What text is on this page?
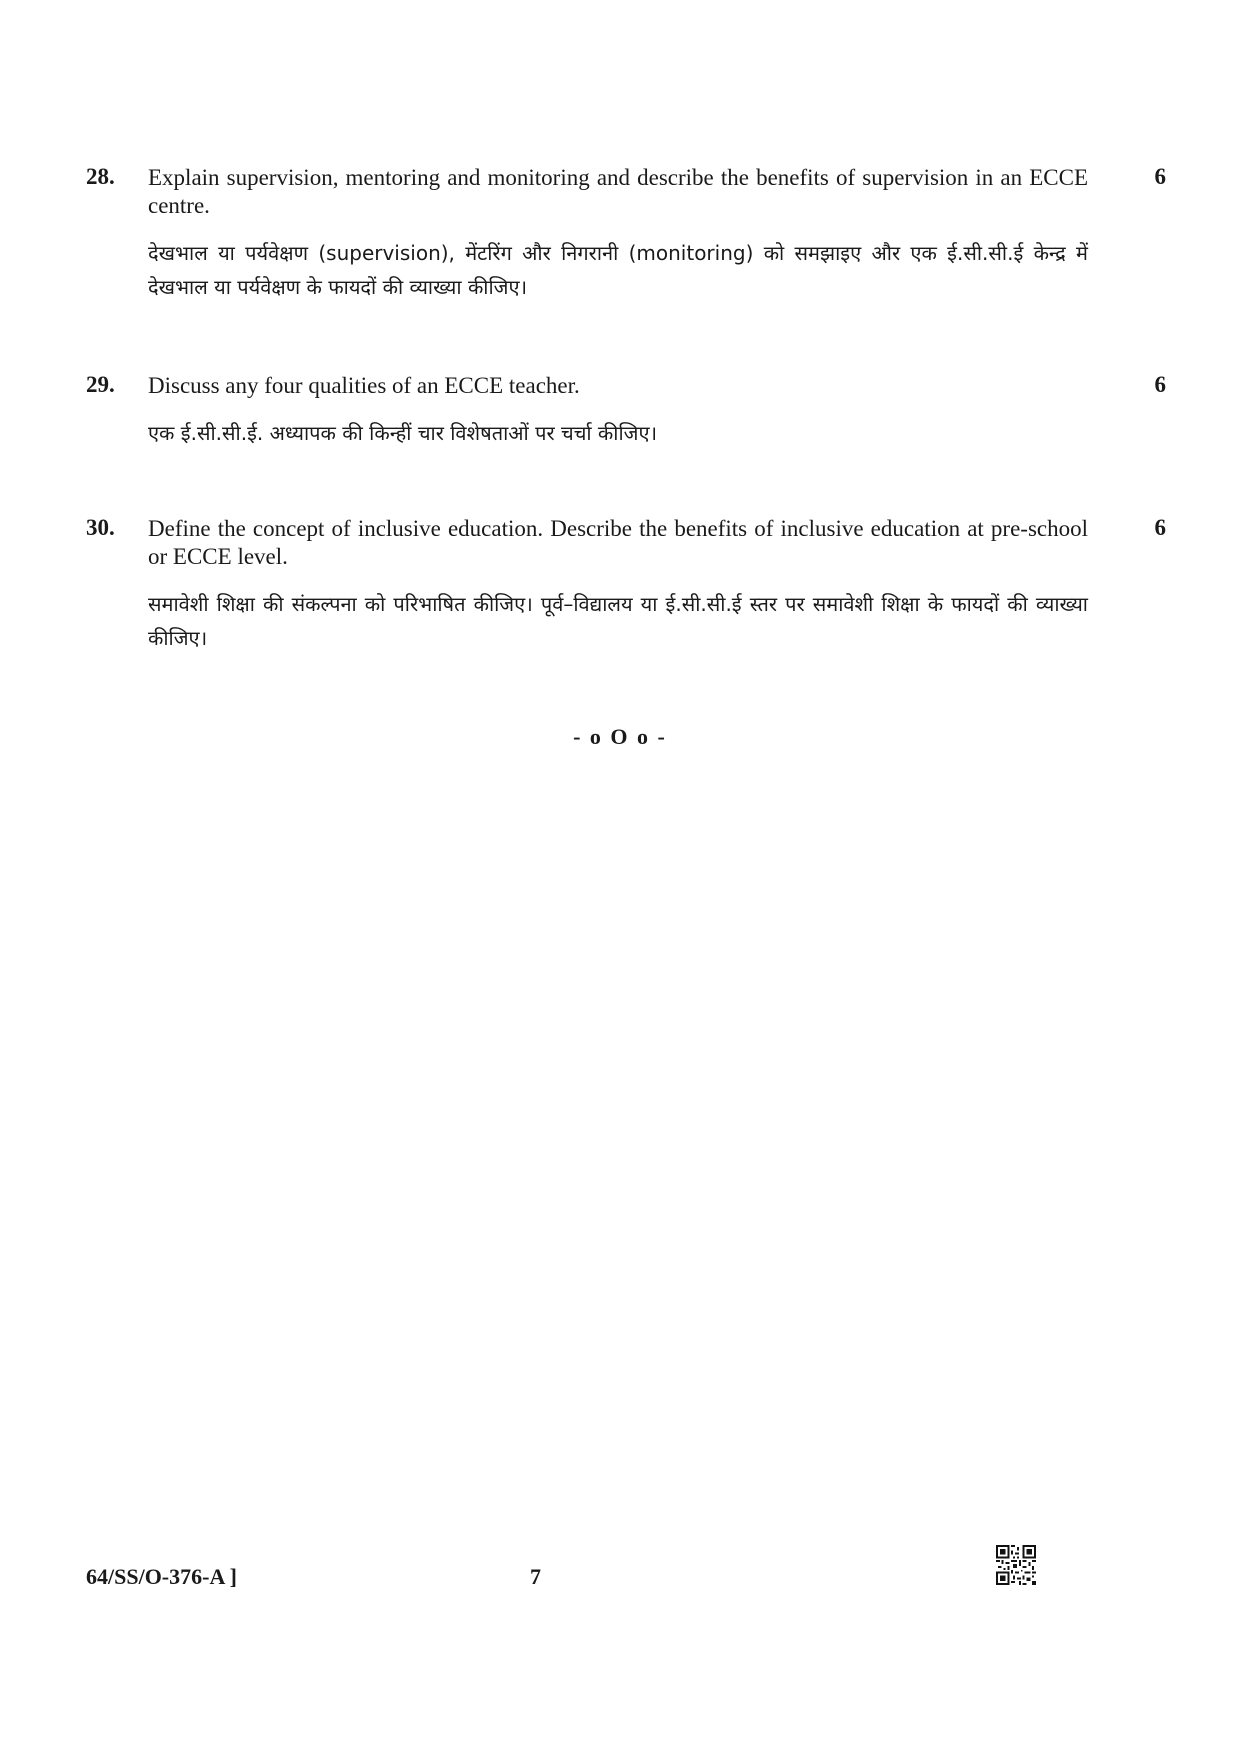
28. Explain supervision, mentoring and monitoring and describe the benefits of supervision in an ECCE centre.
6
देखभाल या पर्यवेक्षण (supervision), मेंटरिंग और निगरानी (monitoring) को समझाइए और एक ई.सी.सी.ई केन्द्र में देखभाल या पर्यवेक्षण के फायदों की व्याख्या कीजिए।
29. Discuss any four qualities of an ECCE teacher.	6
एक ई.सी.सी.ई. अध्यापक की किन्हीं चार विशेषताओं पर चर्चा कीजिए।
30. Define the concept of inclusive education. Describe the benefits of inclusive education at pre-school or ECCE level.
6
समावेशी शिक्षा की संकल्पना को परिभाषित कीजिए। पूर्व–विद्यालय या ई.सी.सी.ई स्तर पर समावेशी शिक्षा के फायदों की व्याख्या कीजिए।
- o O o -
64/SS/O-376-A ]	7
